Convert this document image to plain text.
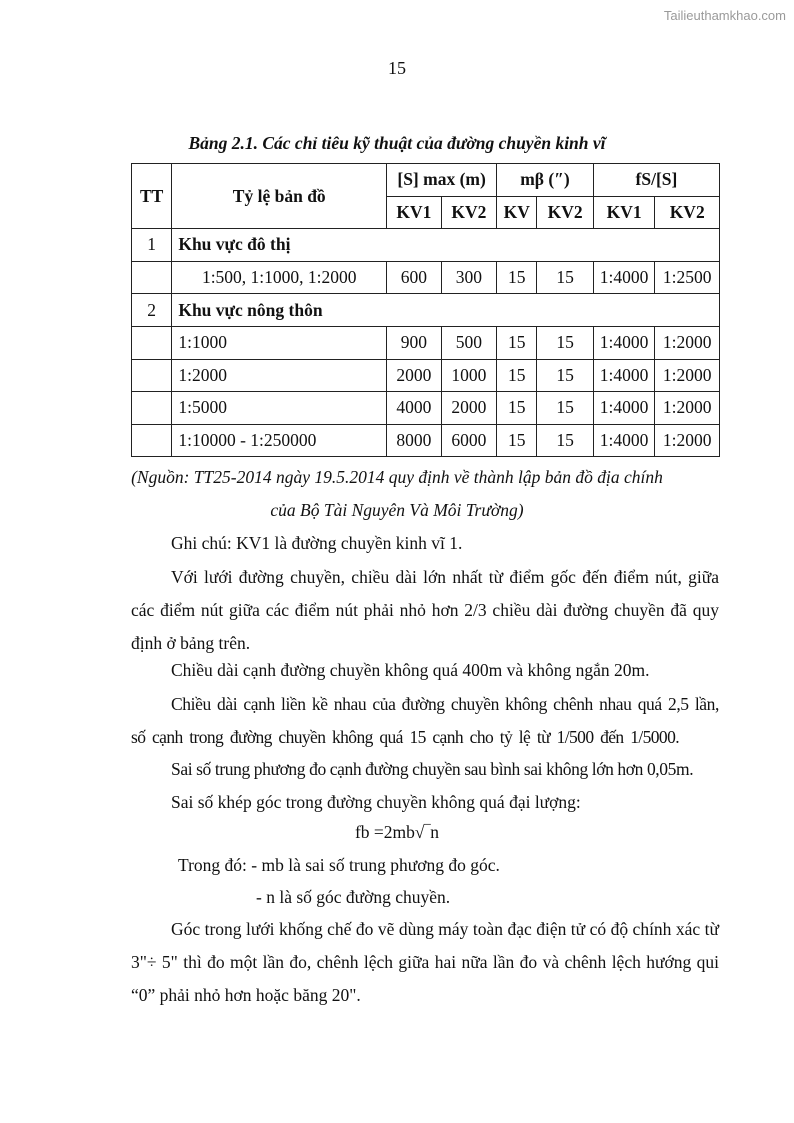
Tailieuthamkhao.com
15
Bảng 2.1. Các chỉ tiêu kỹ thuật của đường chuyền kinh vĩ
TT	Tỷ lệ bản đồ	[S] max (m)		mβ (″)		fS/[S]	
		KV1	KV2	KV	KV2	KV1	KV2
1	Khu vực đô thị						
	1:500, 1:1000, 1:2000	600	300	15	15	1:4000	1:2500
2	Khu vực nông thôn						
	1:1000	900	500	15	15	1:4000	1:2000
	1:2000	2000	1000	15	15	1:4000	1:2000
	1:5000	4000	2000	15	15	1:4000	1:2000
	1:10000 - 1:250000	8000	6000	15	15	1:4000	1:2000
(Nguồn: TT25-2014 ngày 19.5.2014 quy định về thành lập bản đồ địa chính
của Bộ Tài Nguyên Và Môi Trường)
Ghi chú: KV1 là đường chuyền kinh vĩ 1.
Với lưới đường chuyền, chiều dài lớn nhất từ điểm gốc đến điểm nút, giữa các điểm nút giữa các điểm nút phải nhỏ hơn 2/3 chiều dài đường chuyền đã quy định ở bảng trên.
Chiều dài cạnh đường chuyền không quá 400m và không ngắn 20m.
Chiều dài cạnh liền kề nhau của đường chuyền không chênh nhau quá 2,5 lần,
số cạnh trong đường chuyền không quá 15 cạnh cho tỷ lệ từ 1/500 đến 1/5000.
Sai số trung phương đo cạnh đường chuyền sau bình sai không lớn hơn 0,05m.
Sai số khép góc trong đường chuyền không quá đại lượng:
fb =2mb√‾n
Trong đó: - mb là sai số trung phương đo góc.
- n là số góc đường chuyền.
Góc trong lưới khống chế đo vẽ dùng máy toàn đạc điện tử có độ chính xác từ 3"÷ 5" thì đo một lần đo, chênh lệch giữa hai nữa lần đo và chênh lệch hướng qui “0” phải nhỏ hơn hoặc băng 20".
